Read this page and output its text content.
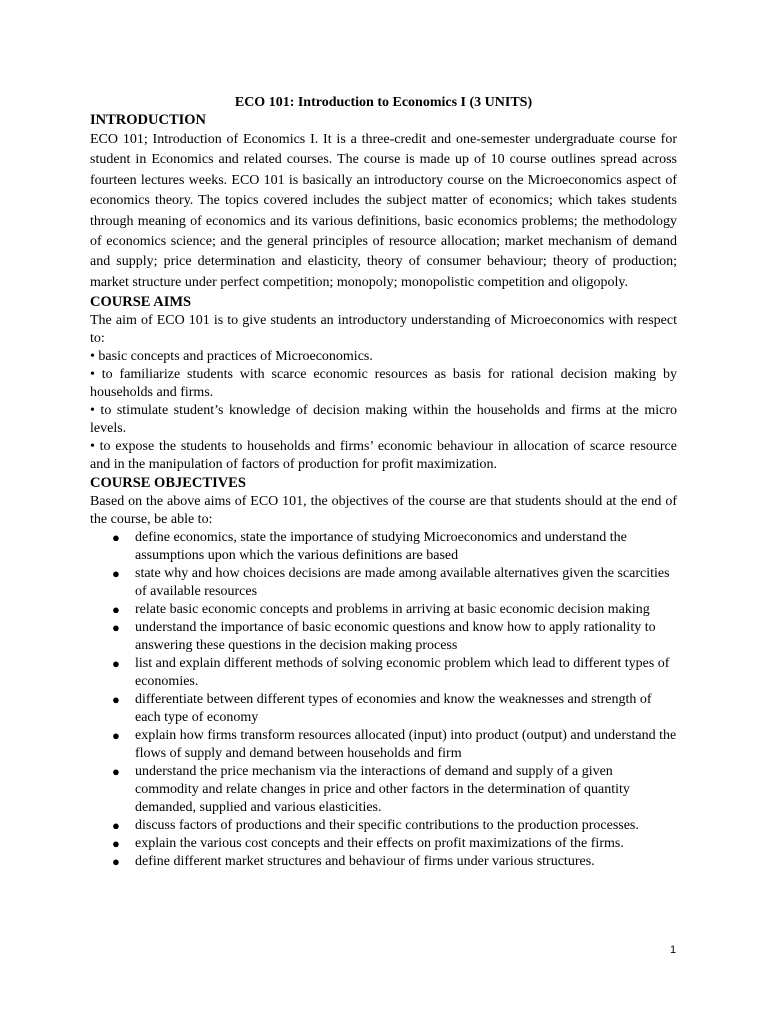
ECO 101: Introduction to Economics I (3 UNITS)

INTRODUCTION

ECO 101; Introduction of Economics I. It is a three-credit and one-semester undergraduate course for student in Economics and related courses. The course is made up of 10 course outlines spread across fourteen lectures weeks. ECO 101 is basically an introductory course on the Microeconomics aspect of economics theory. The topics covered includes the subject matter of economics; which takes students through meaning of economics and its various definitions, basic economics problems; the methodology of economics science; and the general principles of resource allocation; market mechanism of demand and supply; price determination and elasticity, theory of consumer behaviour; theory of production; market structure under perfect competition; monopoly; monopolistic competition and oligopoly.

COURSE AIMS

The aim of ECO 101 is to give students an introductory understanding of Microeconomics with respect to:

• basic concepts and practices of Microeconomics.

• to familiarize students with scarce economic resources as basis for rational decision making by households and firms.

• to stimulate student’s knowledge of decision making within the households and firms at the micro levels.

• to expose the students to households and firms’ economic behaviour in allocation of scarce resource and in the manipulation of factors of production for profit maximization.

COURSE OBJECTIVES

Based on the above aims of ECO 101, the objectives of the course are that students should at the end of the course, be able to:

● define economics, state the importance of studying Microeconomics and understand the assumptions upon which the various definitions are based
● state why and how choices decisions are made among available alternatives given the scarcities of available resources
● relate basic economic concepts and problems in arriving at basic economic decision making
● understand the importance of basic economic questions and know how to apply rationality to answering these questions in the decision making process
● list and explain different methods of solving economic problem which lead to different types of economies.
● differentiate between different types of economies and know the weaknesses and strength of each type of economy
● explain how firms transform resources allocated (input) into product (output) and understand the flows of supply and demand between households and firm
● understand the price mechanism via the interactions of demand and supply of a given commodity and relate changes in price and other factors in the determination of quantity demanded, supplied and various elasticities.
● discuss factors of productions and their specific contributions to the production processes.
● explain the various cost concepts and their effects on profit maximizations of the firms.
● define different market structures and behaviour of firms under various structures.
1
